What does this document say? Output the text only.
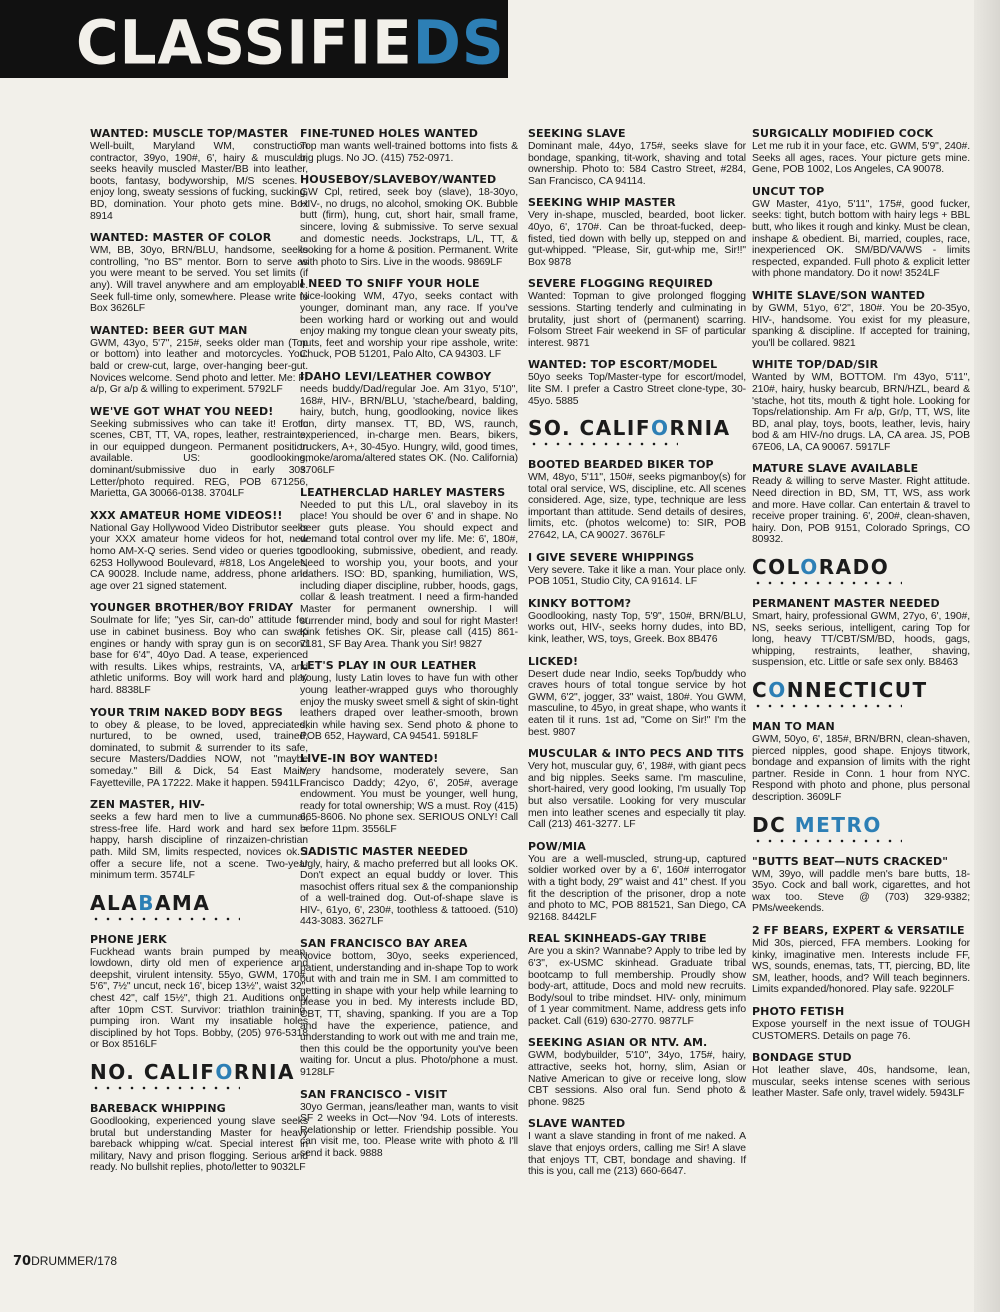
CLASSIFIEDS
WANTED: MUSCLE TOP/MASTER

Well-built, Maryland WM, construction contractor, 39yo, 190#, 6', hairy & muscular, seeks heavily muscled Master/BB into leather, boots, fantasy, bodyworship, M/S scenes. I enjoy long, sweaty sessions of fucking, sucking, BD, domination. Your photo gets mine. Box 8914

WANTED: MASTER OF COLOR

WM, BB, 30yo, BRN/BLU, handsome, seeks controlling, "no BS" mentor. Born to serve as you were meant to be served. You set limits (if any). Will travel anywhere and am employable. Seek full-time only, somewhere. Please write to Box 3626LF

WANTED: BEER GUT MAN

GWM, 43yo, 5'7", 215#, seeks older man (Top or bottom) into leather and motorcycles. You: bald or crew-cut, large, over-hanging beer-gut. Novices welcome. Send photo and letter. Me: Fr a/p, Gr a/p & willing to experiment. 5792LF

WE'VE GOT WHAT YOU NEED!

Seeking submissives who can take it! Erotic scenes, CBT, TT, VA, ropes, leather, restraints, in our equipped dungeon. Permanent position available. US: goodlooking, dominant/submissive duo in early 30s. Letter/photo required. REG, POB 671256, Marietta, GA 30066-0138. 3704LF

XXX AMATEUR HOME VIDEOS!!

National Gay Hollywood Video Distributor seeks your XXX amateur home videos for hot, new homo AM-X-Q series. Send video or queries to: 6253 Hollywood Boulevard, #818, Los Angeles, CA 90028. Include name, address, phone and age over 21 signed statement.

YOUNGER BROTHER/BOY FRIDAY

Soulmate for life; "yes Sir, can-do" attitude for use in cabinet business. Boy who can swap engines or handy with spray gun is on second base for 6'4", 40yo Dad. A tease, experienced with results. Likes whips, restraints, VA, and athletic uniforms. Boy will work hard and play hard. 8838LF

YOUR TRIM NAKED BODY BEGS

to obey & please, to be loved, appreciated, nurtured, to be owned, used, trained, dominated, to submit & surrender to its safe, secure Masters/Daddies NOW, not "maybe someday." Bill & Dick, 54 East Main, Fayetteville, PA 17222. Make it happen. 5941LF

ZEN MASTER, HIV-

seeks a few hard men to live a cummunal, stress-free life. Hard work and hard sex = happy, harsh discipline of rinzaizen-christian path. Mild SM, limits respected, novices ok. I offer a secure life, not a scene. Two-year minimum term. 3574LF

ALABAMA
PHONE JERK

Fuckhead wants brain pumped by mean, lowdown, dirty old men of experience and deepshit, virulent intensity. 55yo, GWM, 170#, 5'6", 7½" uncut, neck 16', bicep 13½", waist 32", chest 42", calf 15½", thigh 21. Auditions only after 10pm CST. Survivor: triathlon training, pumping iron. Want my insatiable holes disciplined by hot Tops. Bobby, (205) 976-5318 or Box 8516LF

NO. CALIFORNIA
BAREBACK WHIPPING

Goodlooking, experienced young slave seeks brutal but understanding Master for heavy bareback whipping w/cat. Special interest in military, Navy and prison flogging. Serious and ready. No bullshit replies, photo/letter to 9032LF

FINE-TUNED HOLES WANTED

Top man wants well-trained bottoms into fists & big plugs. No JO. (415) 752-0971.

HOUSEBOY/SLAVEBOY/WANTED

GW Cpl, retired, seek boy (slave), 18-30yo, HIV-, no drugs, no alcohol, smoking OK. Bubble butt (firm), hung, cut, short hair, small frame, sincere, loving & submissive. To serve sexual and domestic needs. Jockstraps, L/L, TT, & looking for a home & position. Permanent. Write with photo to Sirs. Live in the woods. 9869LF

I NEED TO SNIFF YOUR HOLE

Nice-looking WM, 47yo, seeks contact with younger, dominant man, any race. If you've been working hard or working out and would enjoy making my tongue clean your sweaty pits, nuts, feet and worship your ripe asshole, write: Chuck, POB 51201, Palo Alto, CA 94303. LF

IDAHO LEVI/LEATHER COWBOY

needs buddy/Dad/regular Joe. Am 31yo, 5'10", 168#, HIV-, BRN/BLU, 'stache/beard, balding, hairy, butch, hung, goodlooking, novice likes fun, dirty mansex. TT, BD, WS, raunch, experienced, in-charge men. Bears, bikers, truckers, A+, 30-45yo. Hungry, wild, good times, smoke/aroma/altered states OK. (No. California) 3706LF

LEATHERCLAD HARLEY MASTERS

Needed to put this L/L, oral slaveboy in its place! You should be over 6' and in shape. No beer guts please. You should expect and demand total control over my life. Me: 6', 180#, goodlooking, submissive, obedient, and ready. Need to worship you, your boots, and your leathers. ISO: BD, spanking, humiliation, WS, including diaper discipline, rubber, hoods, gags, collar & leash treatment. I need a firm-handed Master for permanent ownership. I will surrender mind, body and soul for right Master! Kink fetishes OK. Sir, please call (415) 861-7181, SF Bay Area. Thank you Sir! 9827

LET'S PLAY IN OUR LEATHER

Young, lusty Latin loves to have fun with other young leather-wrapped guys who thoroughly enjoy the musky sweet smell & sight of skin-tight leathers draped over leather-smooth, brown skin while having sex. Send photo & phone to POB 652, Hayward, CA 94541. 5918LF

LIVE-IN BOY WANTED!

Very handsome, moderately severe, San Francisco Daddy; 42yo, 6', 205#, average endowment. You must be younger, well hung, ready for total ownership; WS a must. Roy (415) 665-8606. No phone sex. SERIOUS ONLY! Call before 11pm. 3556LF

SADISTIC MASTER NEEDED

Ugly, hairy, & macho preferred but all looks OK. Don't expect an equal buddy or lover. This masochist offers ritual sex & the companionship of a well-trained dog. Out-of-shape slave is HIV-, 61yo, 6', 230#, toothless & tattooed. (510) 443-3083. 3627LF

SAN FRANCISCO BAY AREA

Novice bottom, 30yo, seeks experienced, patient, understanding and in-shape Top to work out with and train me in SM. I am committed to getting in shape with your help while learning to please you in bed. My interests include BD, CBT, TT, shaving, spanking. If you are a Top and have the experience, patience, and understanding to work out with me and train me, then this could be the opportunity you've been waiting for. Uncut a plus. Photo/phone a must. 9128LF

SAN FRANCISCO - VISIT

30yo German, jeans/leather man, wants to visit SF 2 weeks in Oct—Nov '94. Lots of interests. Relationship or letter. Friendship possible. You can visit me, too. Please write with photo & I'll send it back. 9888

SEEKING SLAVE

Dominant male, 44yo, 175#, seeks slave for bondage, spanking, tit-work, shaving and total ownership. Photo to: 584 Castro Street, #284, San Francisco, CA 94114.

SEEKING WHIP MASTER

Very in-shape, muscled, bearded, boot licker. 40yo, 6', 170#. Can be throat-fucked, deep-fisted, tied down with belly up, stepped on and gut-whipped. "Please, Sir, gut-whip me, Sir!!" Box 9878

SEVERE FLOGGING REQUIRED

Wanted: Topman to give prolonged flogging sessions. Starting tenderly and culminating in brutality, just short of (permanent) scarring. Folsom Street Fair weekend in SF of particular interest. 9871

WANTED: TOP ESCORT/MODEL

50yo seeks Top/Master-type for escort/model, lite SM. I prefer a Castro Street clone-type, 30-45yo. 5885

SO. CALIFORNIA
BOOTED BEARDED BIKER TOP

WM, 48yo, 5'11", 150#, seeks pigmanboy(s) for total oral service, WS, discipline, etc. All scenes considered. Age, size, type, technique are less important than attitude. Send details of desires, limits, etc. (photos welcome) to: SIR, POB 27642, LA, CA 90027. 3676LF

I GIVE SEVERE WHIPPINGS

Very severe. Take it like a man. Your place only. POB 1051, Studio City, CA 91614. LF

KINKY BOTTOM?

Goodlooking, nasty Top, 5'9", 150#, BRN/BLU, works out, HIV-, seeks horny dudes, into BD, kink, leather, WS, toys, Greek. Box 8B476

LICKED!

Desert dude near Indio, seeks Top/buddy who craves hours of total tongue service by hot GWM, 6'2", jogger, 33" waist, 180#. You GWM, masculine, to 45yo, in great shape, who wants it eaten til it runs. 1st ad, "Come on Sir!" I'm the best. 9807

MUSCULAR & INTO PECS AND TITS

Very hot, muscular guy, 6', 198#, with giant pecs and big nipples. Seeks same. I'm masculine, short-haired, very good looking, I'm usually Top but also versatile. Looking for very muscular men into leather scenes and especially tit play. Call (213) 461-3277. LF

POW/MIA

You are a well-muscled, strung-up, captured soldier worked over by a 6', 160# interrogator with a tight body, 29" waist and 41" chest. If you fit the description of the prisoner, drop a note and photo to MC, POB 881521, San Diego, CA 92168. 8442LF

REAL SKINHEADS-GAY TRIBE

Are you a skin? Wannabe? Apply to tribe led by 6'3", ex-USMC skinhead. Graduate tribal bootcamp to full membership. Proudly show body-art, attitude, Docs and mold new recruits. Body/soul to tribe mindset. HIV- only, minimum of 1 year commitment. Name, address gets info packet. Call (619) 630-2770. 9877LF

SEEKING ASIAN OR NTV. AM.

GWM, bodybuilder, 5'10", 34yo, 175#, hairy, attractive, seeks hot, horny, slim, Asian or Native American to give or receive long, slow CBT sessions. Also oral fun. Send photo & phone. 9825

SLAVE WANTED

I want a slave standing in front of me naked. A slave that enjoys orders, calling me Sir! A slave that enjoys TT, CBT, bondage and shaving. If this is you, call me (213) 660-6647.

SURGICALLY MODIFIED COCK

Let me rub it in your face, etc. GWM, 5'9", 240#. Seeks all ages, races. Your picture gets mine. Gene, POB 1002, Los Angeles, CA 90078.

UNCUT TOP

GW Master, 41yo, 5'11", 175#, good fucker, seeks: tight, butch bottom with hairy legs + BBL butt, who likes it rough and kinky. Must be clean, inshape & obedient. Bi, married, couples, race, inexperienced OK. SM/BD/VA/WS - limits respected, expanded. Full photo & explicit letter with phone mandatory. Do it now! 3524LF

WHITE SLAVE/SON WANTED

by GWM, 51yo, 6'2", 180#. You be 20-35yo, HIV-, handsome. You exist for my pleasure, spanking & discipline. If accepted for training, you'll be collared. 9821

WHITE TOP/DAD/SIR

Wanted by WM, BOTTOM. I'm 43yo, 5'11", 210#, hairy, husky bearcub, BRN/HZL, beard & 'stache, hot tits, mouth & tight hole. Looking for Tops/relationship. Am Fr a/p, Gr/p, TT, WS, lite BD, anal play, toys, boots, leather, levis, hairy bod & am HIV-/no drugs. LA, CA area. JS, POB 67E06, LA, CA 90067. 5917LF

MATURE SLAVE AVAILABLE

Ready & willing to serve Master. Right attitude. Need direction in BD, SM, TT, WS, ass work and more. Have collar. Can entertain & travel to receive proper training. 6', 200#, clean-shaven, hairy. Don, POB 9151, Colorado Springs, CO 80932.

COLORADO
PERMANENT MASTER NEEDED

Smart, hairy, professional GWM, 27yo, 6', 190#, NS, seeks serious, intelligent, caring Top for long, heavy TT/CBT/SM/BD, hoods, gags, whipping, restraints, leather, shaving, suspension, etc. Little or safe sex only. B8463

CONNECTICUT
MAN TO MAN

GWM, 50yo, 6', 185#, BRN/BRN, clean-shaven, pierced nipples, good shape. Enjoys titwork, bondage and expansion of limits with the right partner. Reside in Conn. 1 hour from NYC. Respond with photo and phone, plus personal description. 3609LF

DC METRO
"BUTTS BEAT—NUTS CRACKED"

WM, 39yo, will paddle men's bare butts, 18-35yo. Cock and ball work, cigarettes, and hot wax too. Steve @ (703) 329-9382; PMs/weekends.

2 FF BEARS, EXPERT & VERSATILE

Mid 30s, pierced, FFA members. Looking for kinky, imaginative men. Interests include FF, WS, sounds, enemas, tats, TT, piercing, BD, lite SM, leather, hoods, and? Will teach beginners. Limits expanded/honored. Play safe. 9220LF

PHOTO FETISH

Expose yourself in the next issue of TOUGH CUSTOMERS. Details on page 76.

BONDAGE STUD

Hot leather slave, 40s, handsome, lean, muscular, seeks intense scenes with serious leather Master. Safe only, travel widely. 5943LF

70DRUMMER/178
